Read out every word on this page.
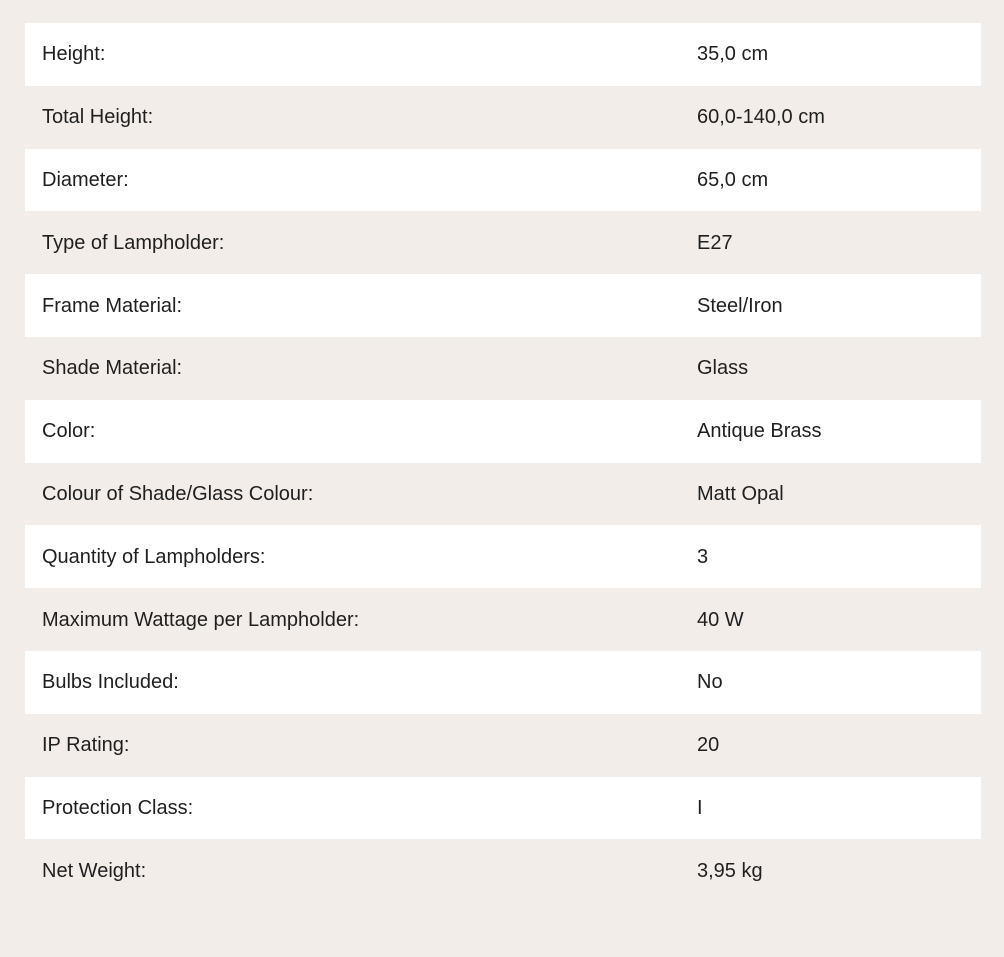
Height:	35,0 cm
Total Height:	60,0-140,0 cm
Diameter:	65,0 cm
Type of Lampholder:	E27
Frame Material:	Steel/Iron
Shade Material:	Glass
Color:	Antique Brass
Colour of Shade/Glass Colour:	Matt Opal
Quantity of Lampholders:	3
Maximum Wattage per Lampholder:	40 W
Bulbs Included:	No
IP Rating:	20
Protection Class:	I
Net Weight:	3,95 kg
